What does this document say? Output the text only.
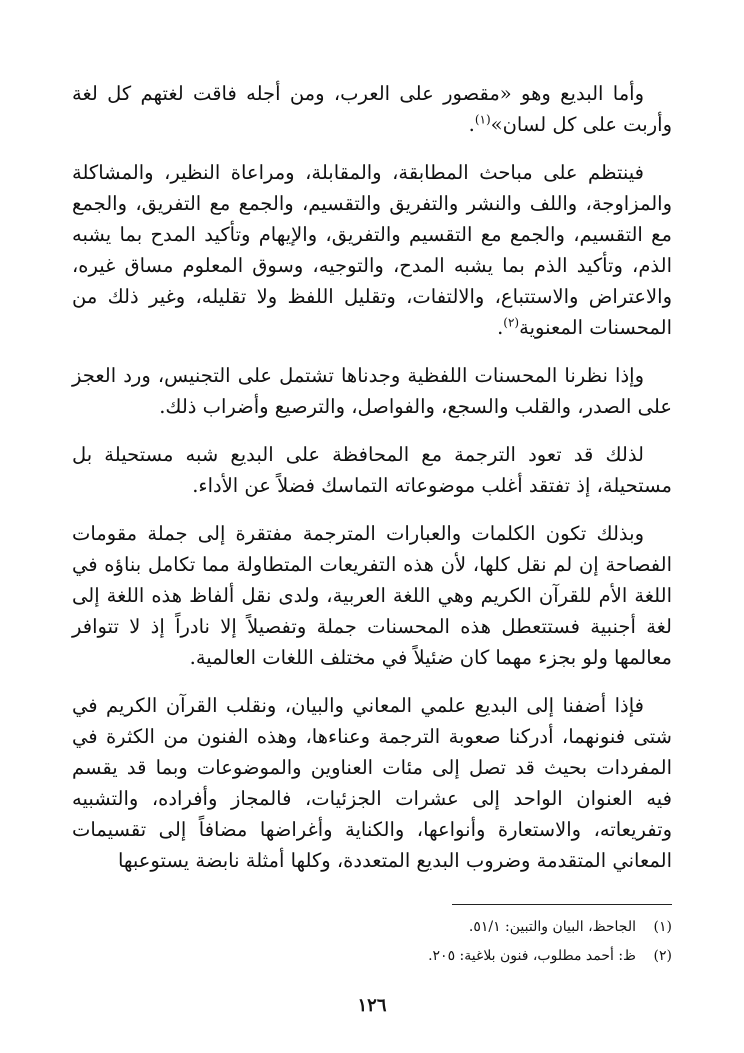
وأما البديع وهو «مقصور على العرب، ومن أجله فاقت لغتهم كل لغة وأربت على كل لسان»$^{(١)}$.

فينتظم على مباحث المطابقة، والمقابلة، ومراعاة النظير، والمشاكلة والمزاوجة، واللف والنشر والتفريق والتقسيم، والجمع مع التفريق، والجمع مع التقسيم، والجمع مع التقسيم والتفريق، والإيهام وتأكيد المدح بما يشبه الذم، وتأكيد الذم بما يشبه المدح، والتوجيه، وسوق المعلوم مساق غيره، والاعتراض والاستتباع، والالتفات، وتقليل اللفظ ولا تقليله، وغير ذلك من المحسنات المعنوية$^{(٢)}$.

وإذا نظرنا المحسنات اللفظية وجدناها تشتمل على التجنيس، ورد العجز على الصدر، والقلب والسجع، والفواصل، والترصيع وأضراب ذلك.

لذلك قد تعود الترجمة مع المحافظة على البديع شبه مستحيلة بل مستحيلة، إذ تفتقد أغلب موضوعاته التماسك فضلاً عن الأداء.

وبذلك تكون الكلمات والعبارات المترجمة مفتقرة إلى جملة مقومات الفصاحة إن لم نقل كلها، لأن هذه التفريعات المتطاولة مما تكامل بناؤه في اللغة الأم للقرآن الكريم وهي اللغة العربية، ولدى نقل ألفاظ هذه اللغة إلى لغة أجنبية فستتعطل هذه المحسنات جملة وتفصيلاً إلا نادراً إذ لا تتوافر معالمها ولو بجزء مهما كان ضئيلاً في مختلف اللغات العالمية.

فإذا أضفنا إلى البديع علمي المعاني والبيان، ونقلب القرآن الكريم في شتى فنونهما، أدركنا صعوبة الترجمة وعناءها، وهذه الفنون من الكثرة في المفردات بحيث قد تصل إلى مئات العناوين والموضوعات وبما قد يقسم فيه العنوان الواحد إلى عشرات الجزئيات، فالمجاز وأفراده، والتشبيه وتفريعاته، والاستعارة وأنواعها، والكناية وأغراضها مضافاً إلى تقسيمات المعاني المتقدمة وضروب البديع المتعددة، وكلها أمثلة نابضة يستوعبها

(١)
الجاحظ، البيان والتبين: ٥١/١.
(٢)
ظ: أحمد مطلوب، فنون بلاغية: ٢٠٥.
١٢٦
